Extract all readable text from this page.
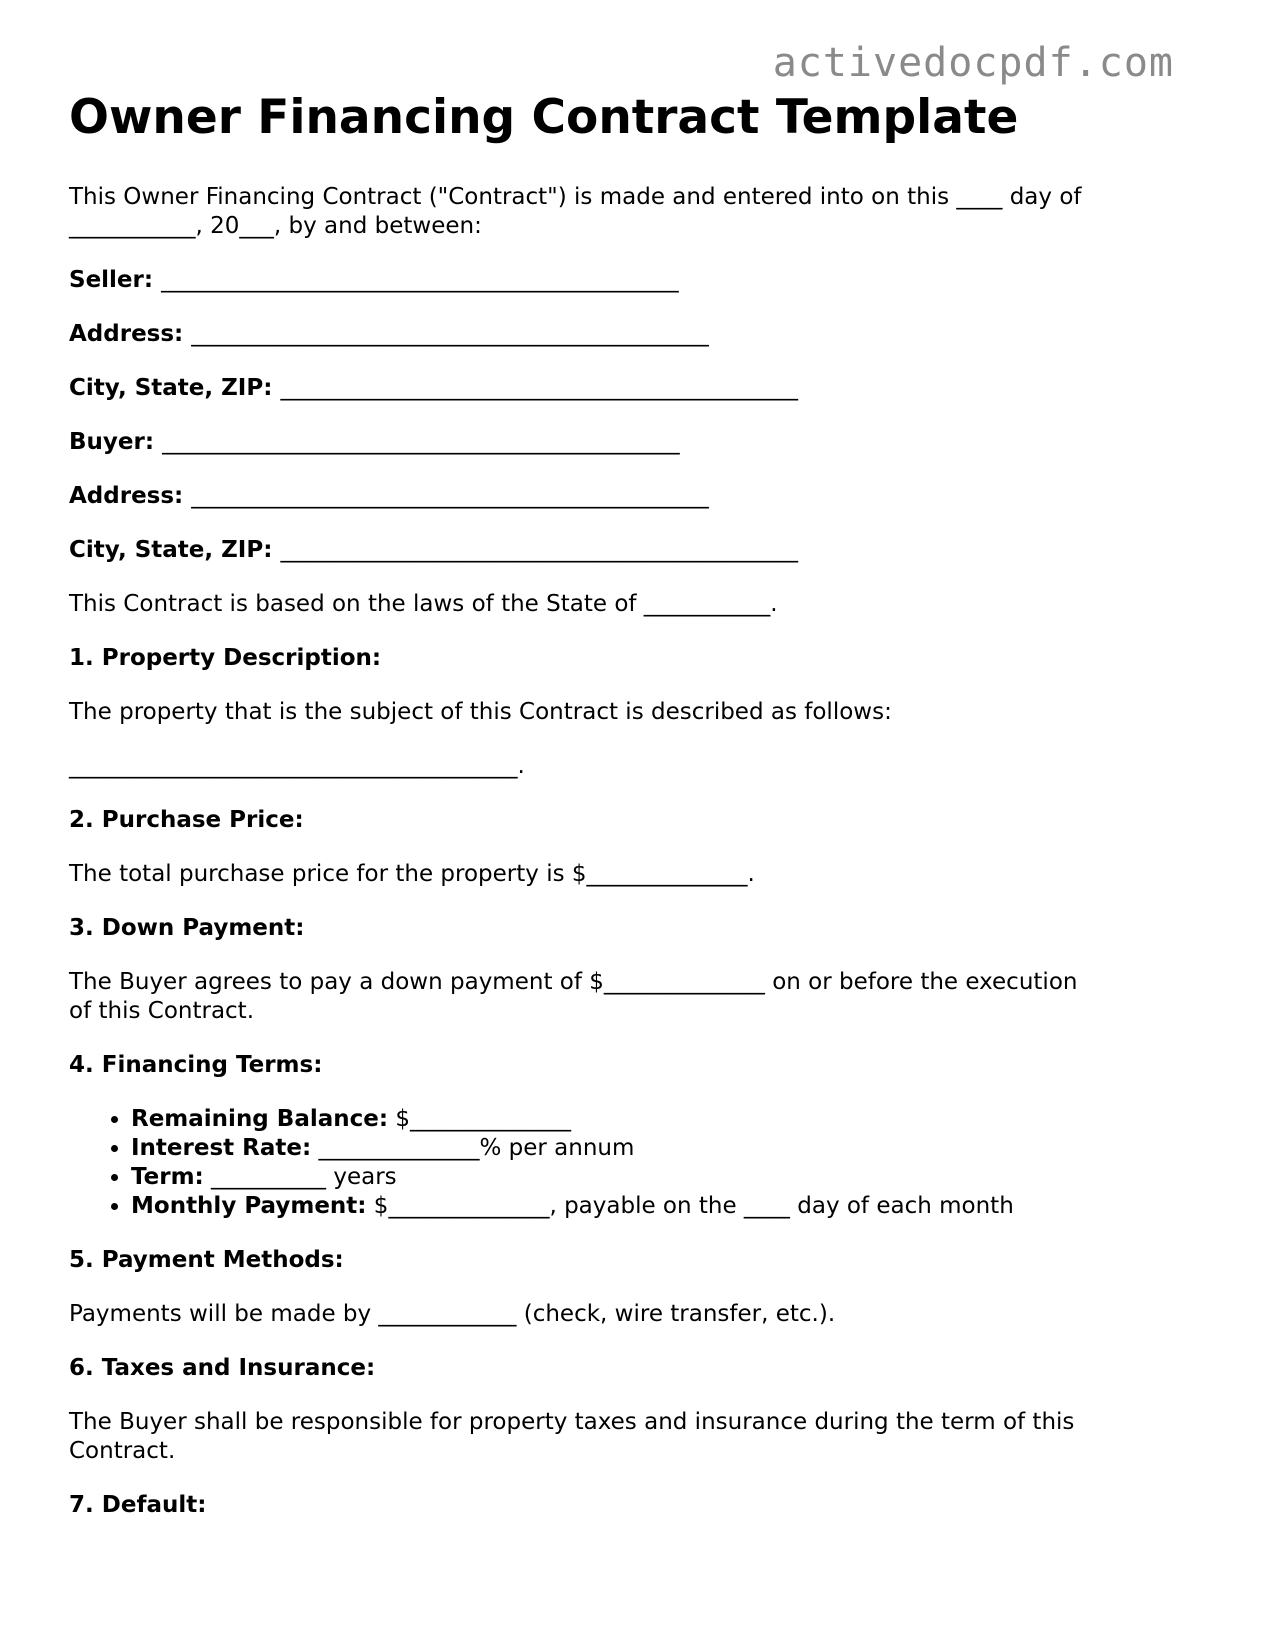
activedocpdf.com
Owner Financing Contract Template

This Owner Financing Contract ("Contract") is made and entered into on this ____ day of
___________, 20___, by and between:

Seller: _____________________________________________
Address: _____________________________________________
City, State, ZIP: _____________________________________________
Buyer: _____________________________________________
Address: _____________________________________________
City, State, ZIP: _____________________________________________

This Contract is based on the laws of the State of ___________.

1. Property Description:

The property that is the subject of this Contract is described as follows:

_______________________________________.

2. Purchase Price:

The total purchase price for the property is $______________.

3. Down Payment:

The Buyer agrees to pay a down payment of $______________ on or before the execution
of this Contract.

4. Financing Terms:
• Remaining Balance: $______________
• Interest Rate: ______________% per annum
• Term: __________ years
• Monthly Payment: $______________, payable on the ____ day of each month
5. Payment Methods:

Payments will be made by ____________ (check, wire transfer, etc.).

6. Taxes and Insurance:

The Buyer shall be responsible for property taxes and insurance during the term of this
Contract.

7. Default:
